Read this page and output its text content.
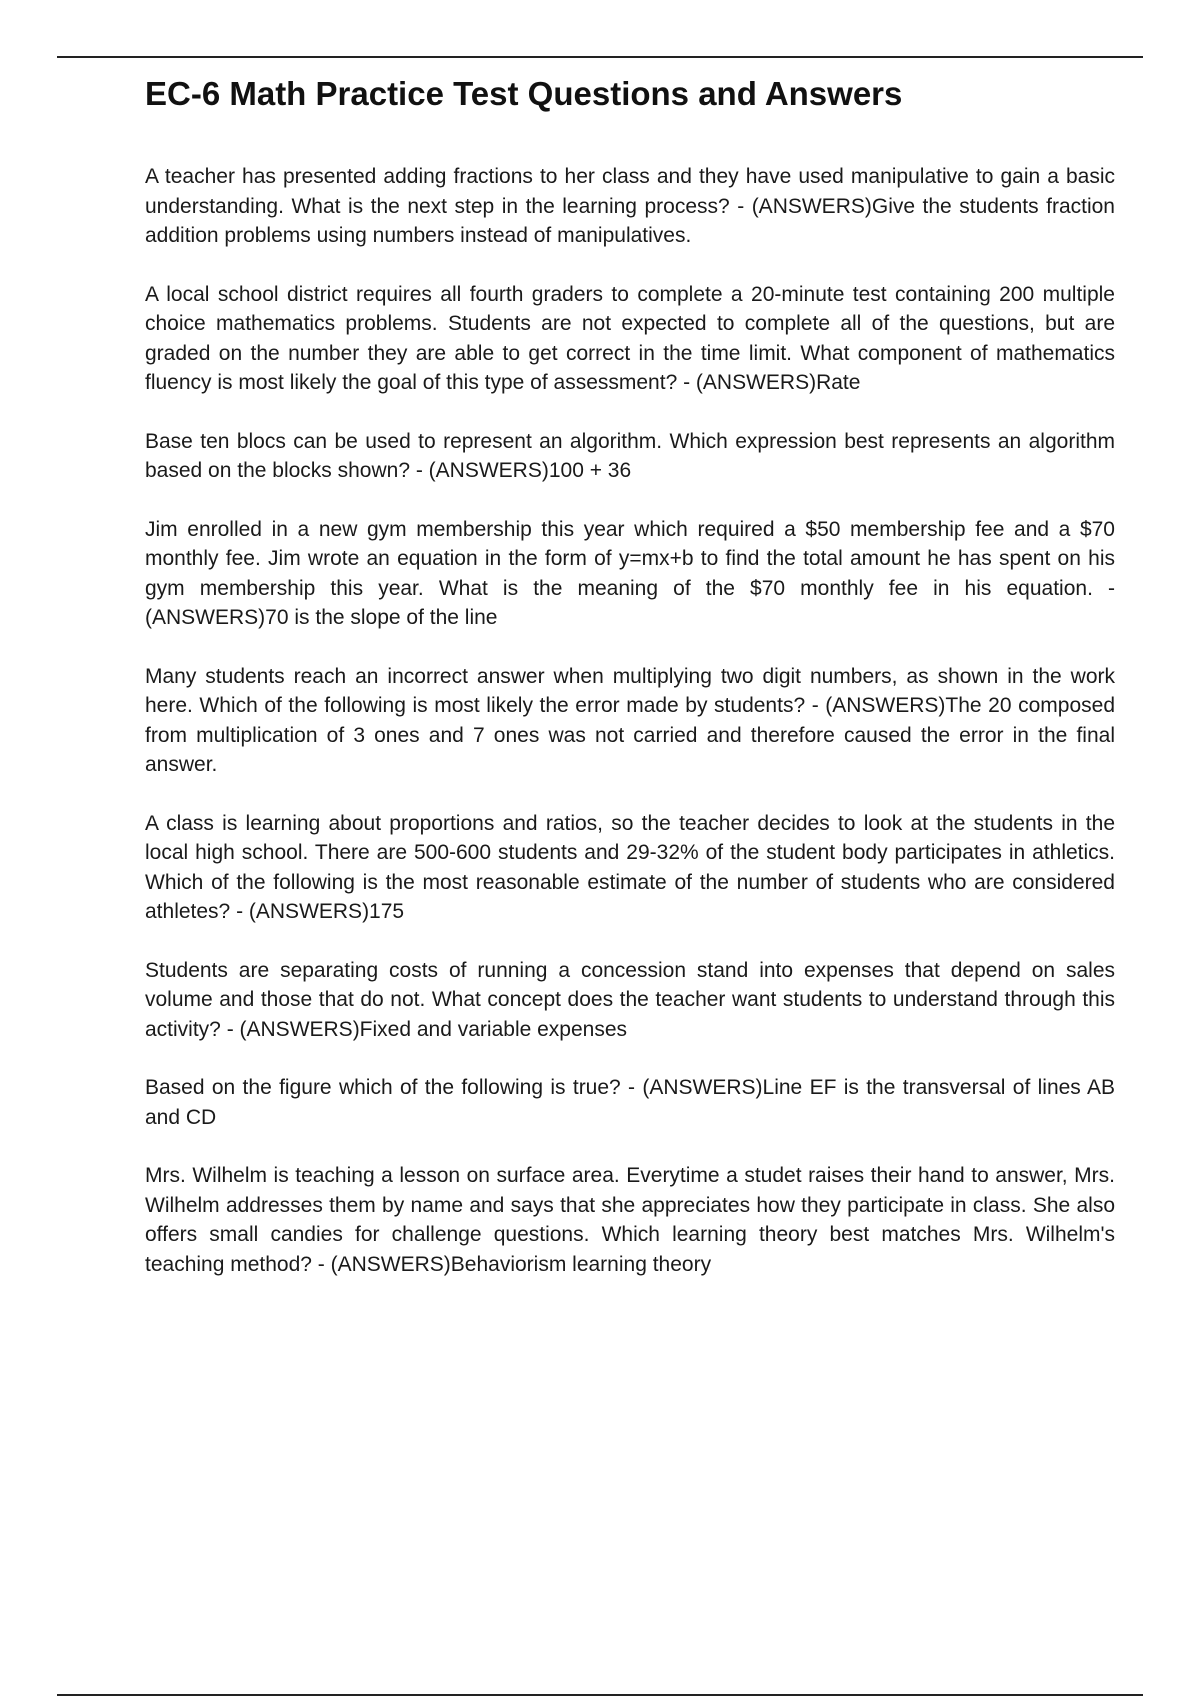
EC-6 Math Practice Test Questions and Answers

A teacher has presented adding fractions to her class and they have used manipulative to gain a basic understanding. What is the next step in the learning process? - (ANSWERS)Give the students fraction addition problems using numbers instead of manipulatives.

A local school district requires all fourth graders to complete a 20-minute test containing 200 multiple choice mathematics problems. Students are not expected to complete all of the questions, but are graded on the number they are able to get correct in the time limit. What component of mathematics fluency is most likely the goal of this type of assessment? - (ANSWERS)Rate

Base ten blocs can be used to represent an algorithm. Which expression best represents an algorithm based on the blocks shown? - (ANSWERS)100 + 36

Jim enrolled in a new gym membership this year which required a $50 membership fee and a $70 monthly fee. Jim wrote an equation in the form of y=mx+b to find the total amount he has spent on his gym membership this year. What is the meaning of the $70 monthly fee in his equation. - (ANSWERS)70 is the slope of the line

Many students reach an incorrect answer when multiplying two digit numbers, as shown in the work here. Which of the following is most likely the error made by students? - (ANSWERS)The 20 composed from multiplication of 3 ones and 7 ones was not carried and therefore caused the error in the final answer.

A class is learning about proportions and ratios, so the teacher decides to look at the students in the local high school. There are 500-600 students and 29-32% of the student body participates in athletics. Which of the following is the most reasonable estimate of the number of students who are considered athletes? - (ANSWERS)175

Students are separating costs of running a concession stand into expenses that depend on sales volume and those that do not. What concept does the teacher want students to understand through this activity? - (ANSWERS)Fixed and variable expenses

Based on the figure which of the following is true? - (ANSWERS)Line EF is the transversal of lines AB and CD

Mrs. Wilhelm is teaching a lesson on surface area. Everytime a studet raises their hand to answer, Mrs. Wilhelm addresses them by name and says that she appreciates how they participate in class. She also offers small candies for challenge questions. Which learning theory best matches Mrs. Wilhelm's teaching method? - (ANSWERS)Behaviorism learning theory
